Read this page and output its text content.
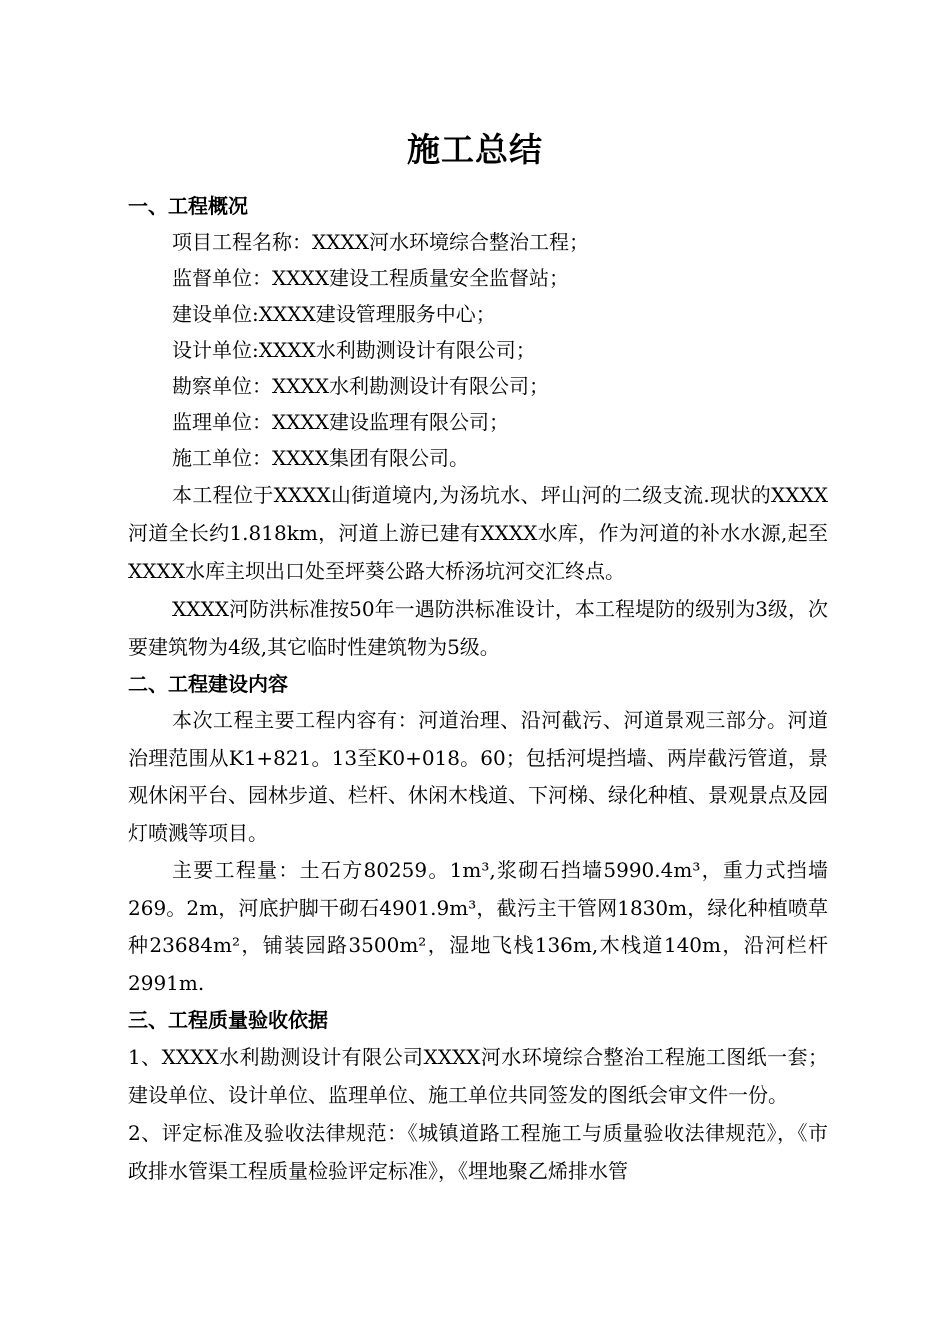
施工总结

一、工程概况

项目工程名称：XXXX河水环境综合整治工程；

监督单位：XXXX建设工程质量安全监督站；

建设单位:XXXX建设管理服务中心；

设计单位:XXXX水利勘测设计有限公司；

勘察单位：XXXX水利勘测设计有限公司；

监理单位：XXXX建设监理有限公司；

施工单位：XXXX集团有限公司。

本工程位于XXXX山街道境内,为汤坑水、坪山河的二级支流.现状的XXXX河道全长约1.818km，河道上游已建有XXXX水库，作为河道的补水水源,起至XXXX水库主坝出口处至坪葵公路大桥汤坑河交汇终点。

XXXX河防洪标准按50年一遇防洪标准设计，本工程堤防的级别为3级，次要建筑物为4级,其它临时性建筑物为5级。

二、工程建设内容

本次工程主要工程内容有：河道治理、沿河截污、河道景观三部分。河道治理范围从K1+821。13至K0+018。60；包括河堤挡墙、两岸截污管道，景观休闲平台、园林步道、栏杆、休闲木栈道、下河梯、绿化种植、景观景点及园灯喷溅等项目。

主要工程量：土石方80259。1m³,浆砌石挡墙5990.4m³，重力式挡墙269。2m，河底护脚干砌石4901.9m³，截污主干管网1830m，绿化种植喷草种23684m²，铺装园路3500m²，湿地飞栈136m,木栈道140m，沿河栏杆2991m.

三、工程质量验收依据

1、XXXX水利勘测设计有限公司XXXX河水环境综合整治工程施工图纸一套；建设单位、设计单位、监理单位、施工单位共同签发的图纸会审文件一份。

2、评定标准及验收法律规范：《城镇道路工程施工与质量验收法律规范》，《市政排水管渠工程质量检验评定标准》，《埋地聚乙烯排水管
